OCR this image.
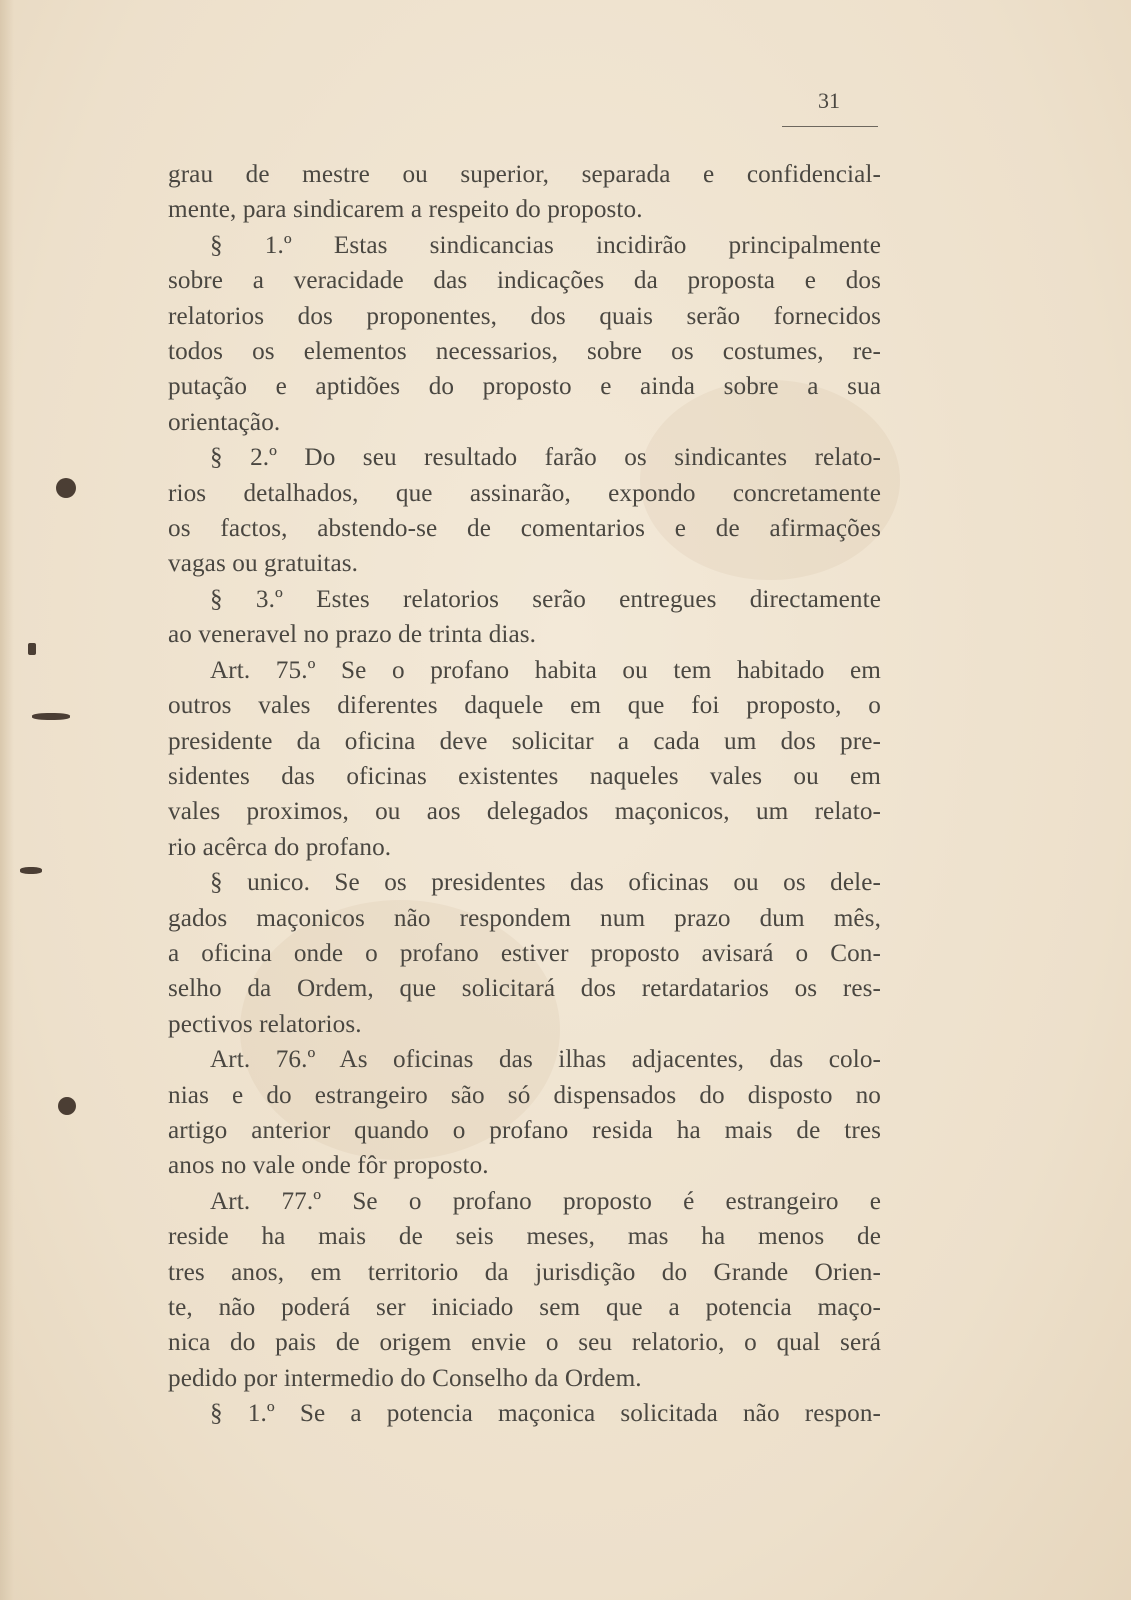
31
grau de mestre ou superior, separada e confidencial-
mente, para sindicarem a respeito do proposto.
§ 1.º Estas sindicancias incidirão principalmente
sobre a veracidade das indicações da proposta e dos
relatorios dos proponentes, dos quais serão fornecidos
todos os elementos necessarios, sobre os costumes, re-
putação e aptidões do proposto e ainda sobre a sua
orientação.
§ 2.º Do seu resultado farão os sindicantes relato-
rios detalhados, que assinarão, expondo concretamente
os factos, abstendo-se de comentarios e de afirmações
vagas ou gratuitas.
§ 3.º Estes relatorios serão entregues directamente
ao veneravel no prazo de trinta dias.
Art. 75.º Se o profano habita ou tem habitado em
outros vales diferentes daquele em que foi proposto, o
presidente da oficina deve solicitar a cada um dos pre-
sidentes das oficinas existentes naqueles vales ou em
vales proximos, ou aos delegados maçonicos, um relato-
rio acêrca do profano.
§ unico. Se os presidentes das oficinas ou os dele-
gados maçonicos não respondem num prazo dum mês,
a oficina onde o profano estiver proposto avisará o Con-
selho da Ordem, que solicitará dos retardatarios os res-
pectivos relatorios.
Art. 76.º As oficinas das ilhas adjacentes, das colo-
nias e do estrangeiro são só dispensados do disposto no
artigo anterior quando o profano resida ha mais de tres
anos no vale onde fôr proposto.
Art. 77.º Se o profano proposto é estrangeiro e
reside ha mais de seis meses, mas ha menos de
tres anos, em territorio da jurisdição do Grande Orien-
te, não poderá ser iniciado sem que a potencia maço-
nica do pais de origem envie o seu relatorio, o qual será
pedido por intermedio do Conselho da Ordem.
§ 1.º Se a potencia maçonica solicitada não respon-
